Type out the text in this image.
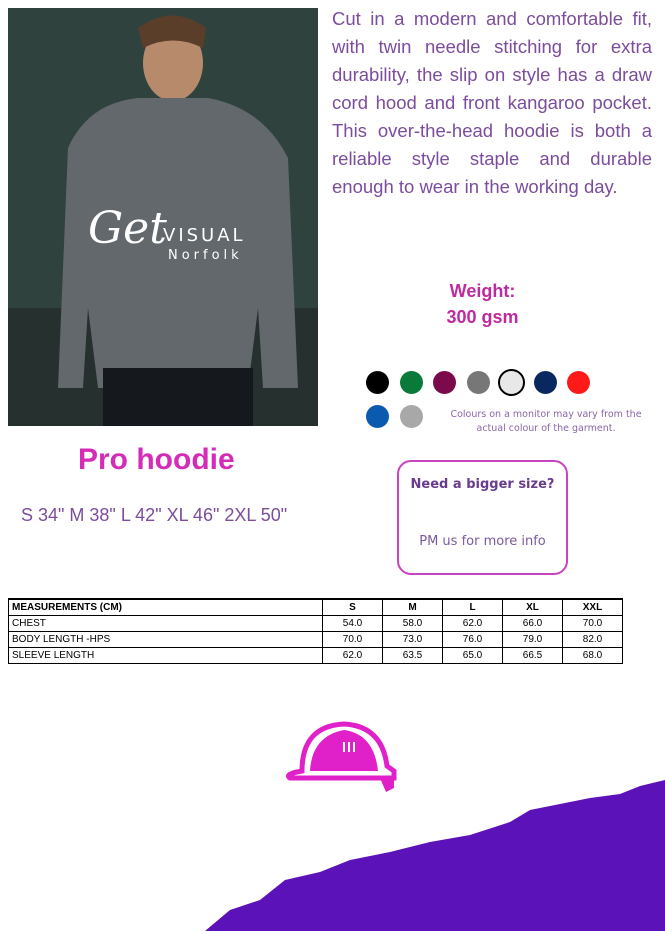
Get
VISUAL
Norfolk
Cut in a modern and comfortable fit, with twin needle stitching for extra durability, the slip on style has a draw cord hood and front kangaroo pocket. This over-the-head hoodie is both a reliable style staple and durable enough to wear in the working day.
Weight:
300 gsm
Colours on a monitor may vary from the actual colour of the garment.
Pro hoodie
S 34" M 38" L 42" XL 46" 2XL 50"
Need a bigger size?
PM us for more info
MEASUREMENTS (CM)	S	M	L	XL	XXL
CHEST	54.0	58.0	62.0	66.0	70.0
BODY LENGTH -HPS	70.0	73.0	76.0	79.0	82.0
SLEEVE LENGTH	62.0	63.5	65.0	66.5	68.0
